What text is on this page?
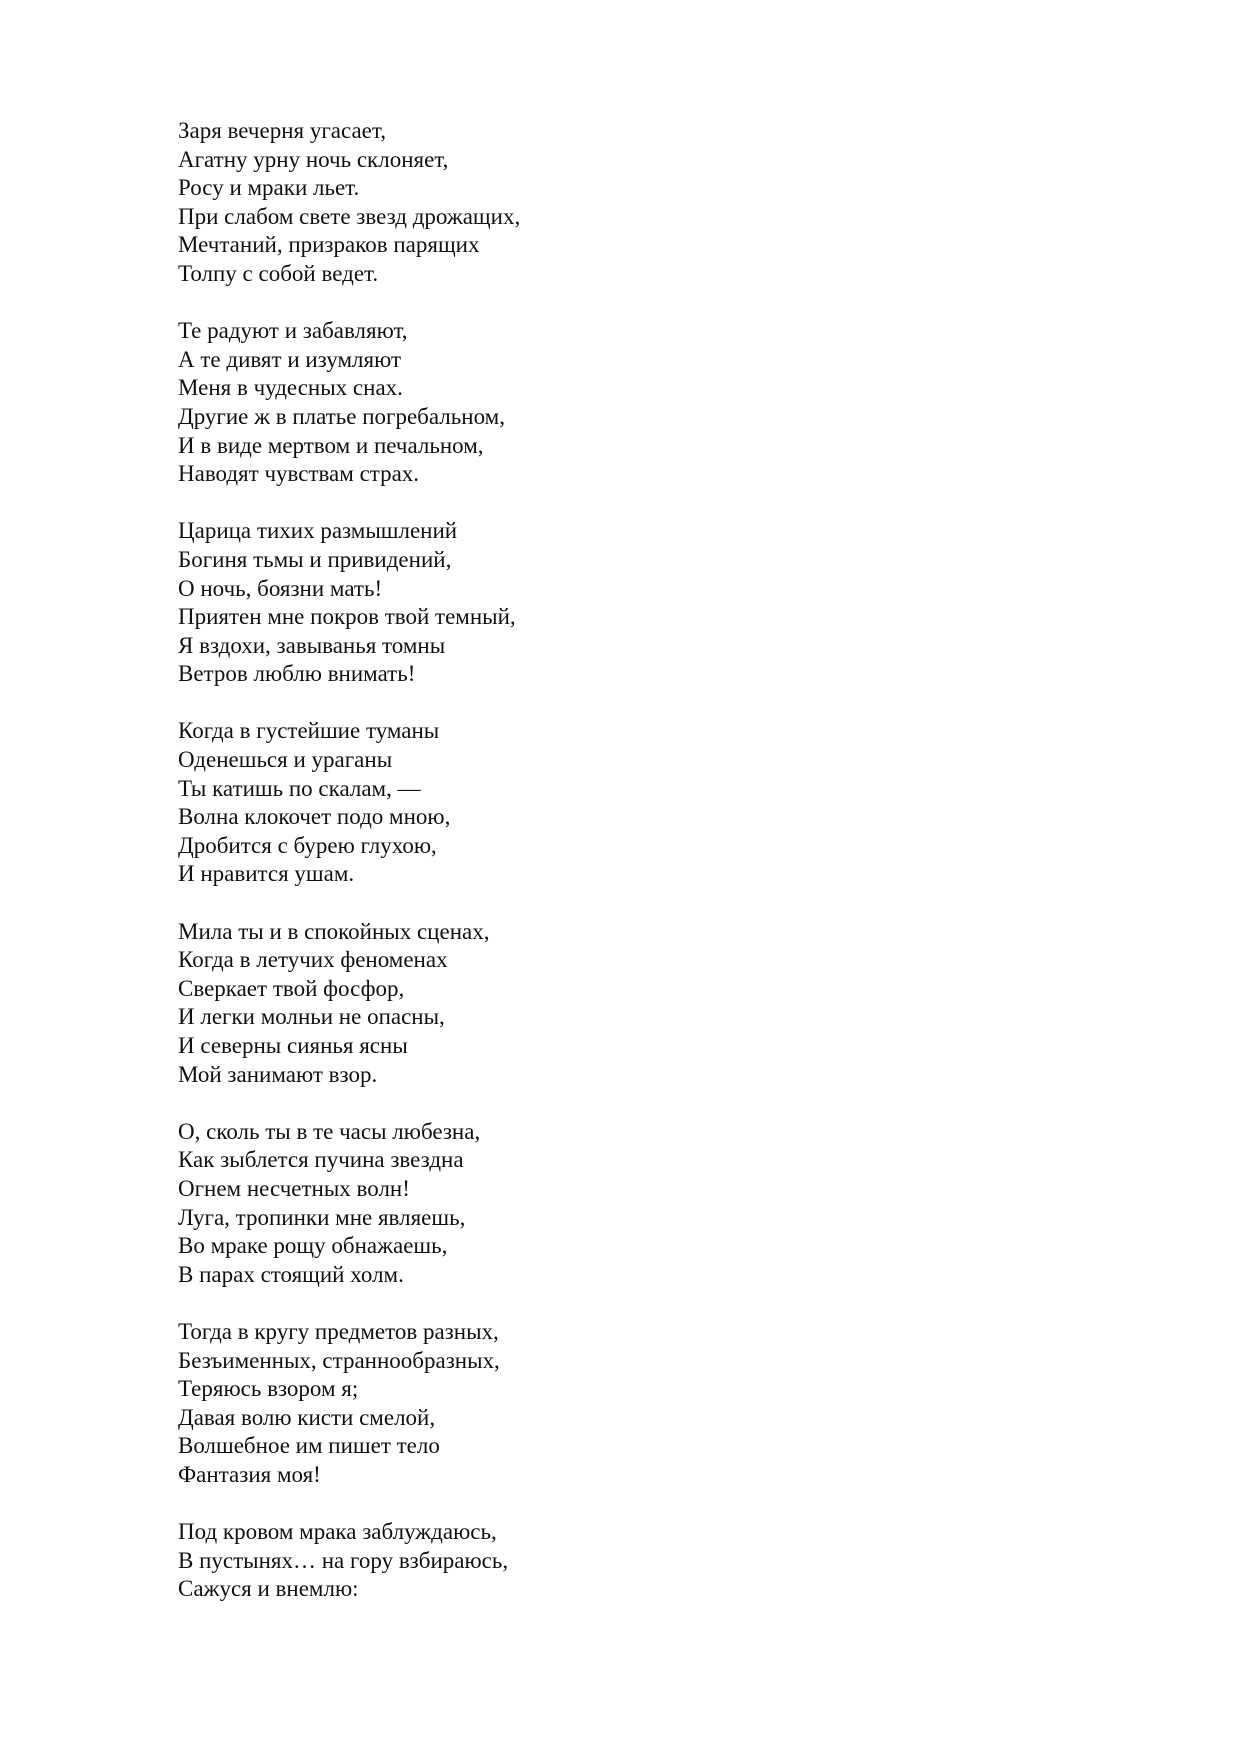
Заря вечерня угасает,
Агатну урну ночь склоняет,
Росу и мраки льет.
При слабом свете звезд дрожащих,
Мечтаний, призраков парящих
Толпу с собой ведет.
Те радуют и забавляют,
А те дивят и изумляют
Меня в чудесных снах.
Другие ж в платье погребальном,
И в виде мертвом и печальном,
Наводят чувствам страх.
Царица тихих размышлений
Богиня тьмы и привидений,
О ночь, боязни мать!
Приятен мне покров твой темный,
Я вздохи, завыванья томны
Ветров люблю внимать!
Когда в густейшие туманы
Оденешься и ураганы
Ты катишь по скалам, —
Волна клокочет подо мною,
Дробится с бурею глухою,
И нравится ушам.
Мила ты и в спокойных сценах,
Когда в летучих феноменах
Сверкает твой фосфор,
И легки молньи не опасны,
И северны сиянья ясны
Мой занимают взор.
О, сколь ты в те часы любезна,
Как зыблется пучина звездна
Огнем несчетных волн!
Луга, тропинки мне являешь,
Во мраке рощу обнажаешь,
В парах стоящий холм.
Тогда в кругу предметов разных,
Безъименных, страннообразных,
Теряюсь взором я;
Давая волю кисти смелой,
Волшебное им пишет тело
Фантазия моя!
Под кровом мрака заблуждаюсь,
В пустынях… на гору взбираюсь,
Сажуся и внемлю:
